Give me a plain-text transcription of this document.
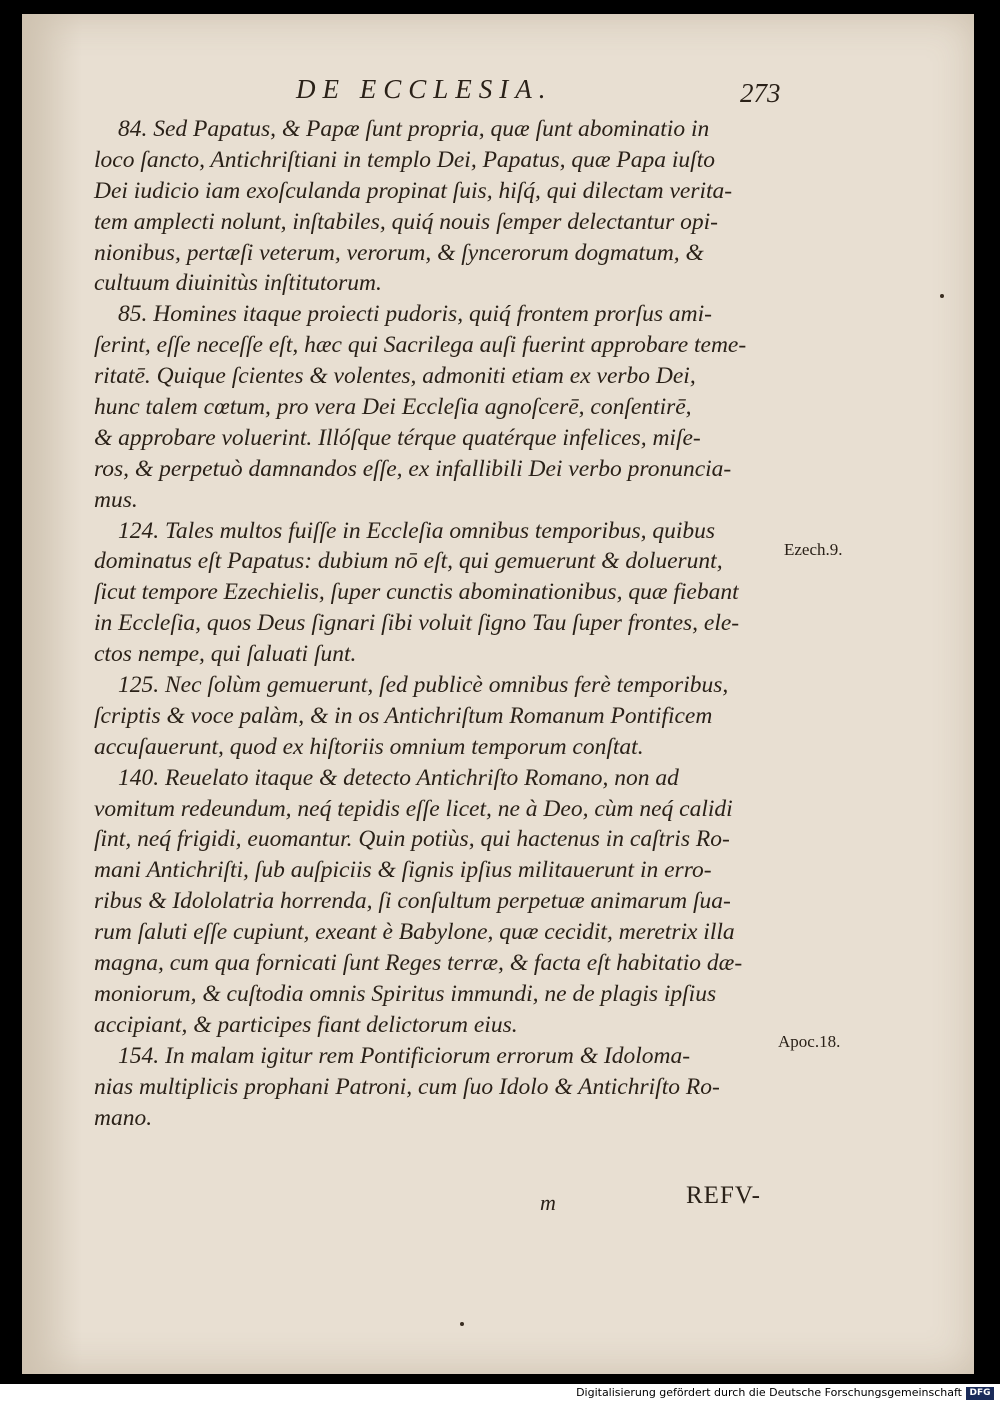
DE ECCLESIA.	273
84. Sed Papatus, & Papæ ſunt propria, quæ ſunt abominatio in
loco ſancto, Antichriſtiani in templo Dei, Papatus, quæ Papa iuſto
Dei iudicio iam exoſculanda propinat ſuis, hiſq́, qui dilectam verita-
tem amplecti nolunt, inſtabiles, quiq́ nouis ſemper delectantur opi-
nionibus, pertæſi veterum, verorum, & ſyncerorum dogmatum, &
cultuum diuinitùs inſtitutorum.
85. Homines itaque proiecti pudoris, quiq́ frontem prorſus ami-
ſerint, eſſe neceſſe eſt, hæc qui Sacrilega auſi fuerint approbare teme-
ritatē. Quique ſcientes & volentes, admoniti etiam ex verbo Dei,
hunc talem cœtum, pro vera Dei Eccleſia agnoſcerē, conſentirē,
& approbare voluerint. Illóſque térque quatérque infelices, miſe-
ros, & perpetuò damnandos eſſe, ex infallibili Dei verbo pronuncia-
mus.
124. Tales multos fuiſſe in Eccleſia omnibus temporibus, quibus
dominatus eſt Papatus: dubium nō eſt, qui gemuerunt & doluerunt,
ſicut tempore Ezechielis, ſuper cunctis abominationibus, quæ fiebant
in Eccleſia, quos Deus ſignari ſibi voluit ſigno Tau ſuper frontes, ele-
ctos nempe, qui ſaluati ſunt.
125. Nec ſolùm gemuerunt, ſed publicè omnibus ferè temporibus,
ſcriptis & voce palàm, & in os Antichriſtum Romanum Pontificem
accuſauerunt, quod ex hiſtoriis omnium temporum conſtat.
140. Reuelato itaque & detecto Antichriſto Romano, non ad
vomitum redeundum, neq́ tepidis eſſe licet, ne à Deo, cùm neq́ calidi
ſint, neq́ frigidi, euomantur. Quin potiùs, qui hactenus in caſtris Ro-
mani Antichriſti, ſub auſpiciis & ſignis ipſius militauerunt in erro-
ribus & Idololatria horrenda, ſi conſultum perpetuæ animarum ſua-
rum ſaluti eſſe cupiunt, exeant è Babylone, quæ cecidit, meretrix illa
magna, cum qua fornicati ſunt Reges terræ, & facta eſt habitatio dæ-
moniorum, & cuſtodia omnis Spiritus immundi, ne de plagis ipſius
accipiant, & participes fiant delictorum eius.
154. In malam igitur rem Pontificiorum errorum & Idoloma-
nias multiplicis prophani Patroni, cum ſuo Idolo & Antichriſto Ro-
mano.
Ezech.9.
Apoc.18.
m	REFV-
Digitalisierung gefördert durch die Deutsche Forschungsgemeinschaft DFG
